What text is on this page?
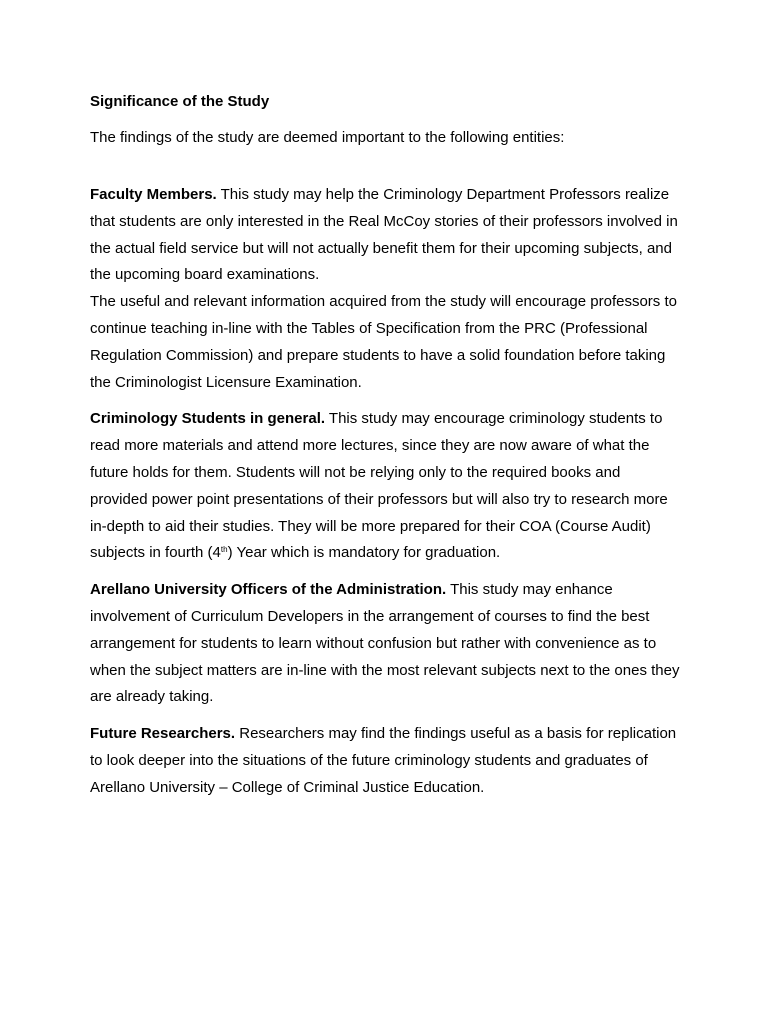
Significance of the Study

The findings of the study are deemed important to the following entities:

Faculty Members. This study may help the Criminology Department Professors realize that students are only interested in the Real McCoy stories of their professors involved in the actual field service but will not actually benefit them for their upcoming subjects, and the upcoming board examinations.

The useful and relevant information acquired from the study will encourage professors to continue teaching in-line with the Tables of Specification from the PRC (Professional Regulation Commission) and prepare students to have a solid foundation before taking the Criminologist Licensure Examination.

Criminology Students in general. This study may encourage criminology students to read more materials and attend more lectures, since they are now aware of what the future holds for them. Students will not be relying only to the required books and provided power point presentations of their professors but will also try to research more in-depth to aid their studies. They will be more prepared for their COA (Course Audit) subjects in fourth (4th) Year which is mandatory for graduation.

Arellano University Officers of the Administration. This study may enhance involvement of Curriculum Developers in the arrangement of courses to find the best arrangement for students to learn without confusion but rather with convenience as to when the subject matters are in-line with the most relevant subjects next to the ones they are already taking.

Future Researchers. Researchers may find the findings useful as a basis for replication to look deeper into the situations of the future criminology students and graduates of Arellano University – College of Criminal Justice Education.
